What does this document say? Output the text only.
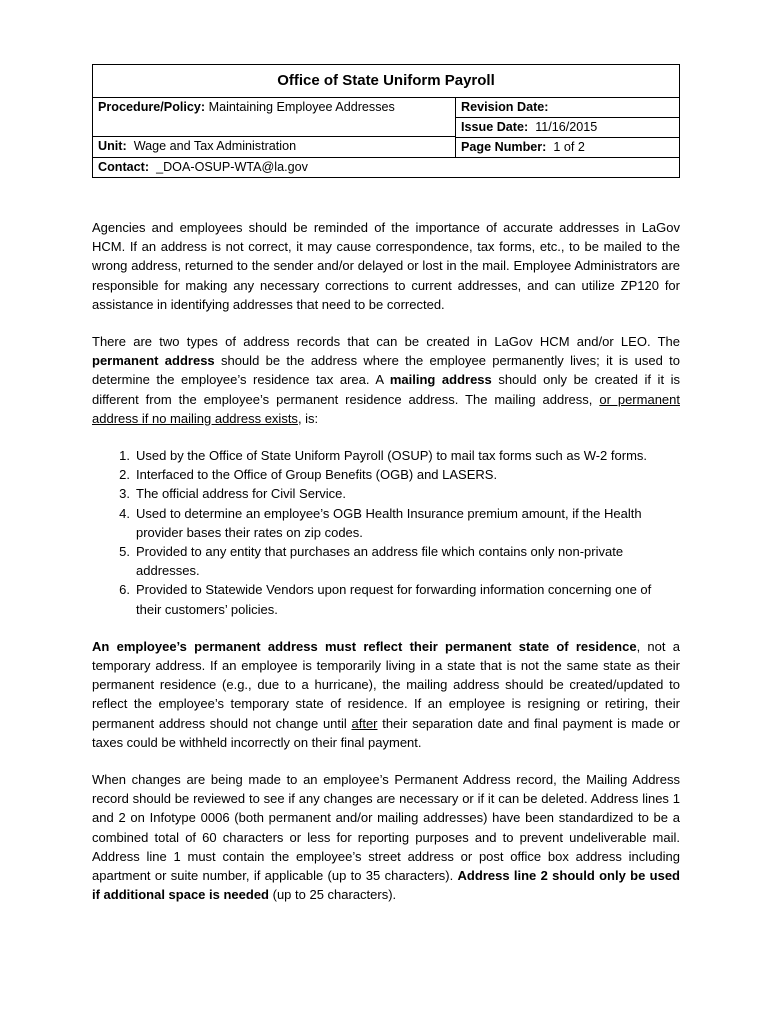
Office of State Uniform Payroll
Procedure/Policy: Maintaining Employee Addresses
Unit: Wage and Tax Administration
Revision Date:
Issue Date: 11/16/2015
Page Number: 1 of 2
Contact: _DOA-OSUP-WTA@la.gov

Agencies and employees should be reminded of the importance of accurate addresses in LaGov HCM. If an address is not correct, it may cause correspondence, tax forms, etc., to be mailed to the wrong address, returned to the sender and/or delayed or lost in the mail. Employee Administrators are responsible for making any necessary corrections to current addresses, and can utilize ZP120 for assistance in identifying addresses that need to be corrected.

There are two types of address records that can be created in LaGov HCM and/or LEO. The permanent address should be the address where the employee permanently lives; it is used to determine the employee’s residence tax area. A mailing address should only be created if it is different from the employee’s permanent residence address. The mailing address, or permanent address if no mailing address exists, is:

1. Used by the Office of State Uniform Payroll (OSUP) to mail tax forms such as W-2 forms.
2. Interfaced to the Office of Group Benefits (OGB) and LASERS.
3. The official address for Civil Service.
4. Used to determine an employee’s OGB Health Insurance premium amount, if the Health provider bases their rates on zip codes.
5. Provided to any entity that purchases an address file which contains only non-private addresses.
6. Provided to Statewide Vendors upon request for forwarding information concerning one of their customers’ policies.

An employee’s permanent address must reflect their permanent state of residence, not a temporary address. If an employee is temporarily living in a state that is not the same state as their permanent residence (e.g., due to a hurricane), the mailing address should be created/updated to reflect the employee’s temporary state of residence. If an employee is resigning or retiring, their permanent address should not change until after their separation date and final payment is made or taxes could be withheld incorrectly on their final payment.

When changes are being made to an employee’s Permanent Address record, the Mailing Address record should be reviewed to see if any changes are necessary or if it can be deleted. Address lines 1 and 2 on Infotype 0006 (both permanent and/or mailing addresses) have been standardized to be a combined total of 60 characters or less for reporting purposes and to prevent undeliverable mail. Address line 1 must contain the employee’s street address or post office box address including apartment or suite number, if applicable (up to 35 characters). Address line 2 should only be used if additional space is needed (up to 25 characters).
